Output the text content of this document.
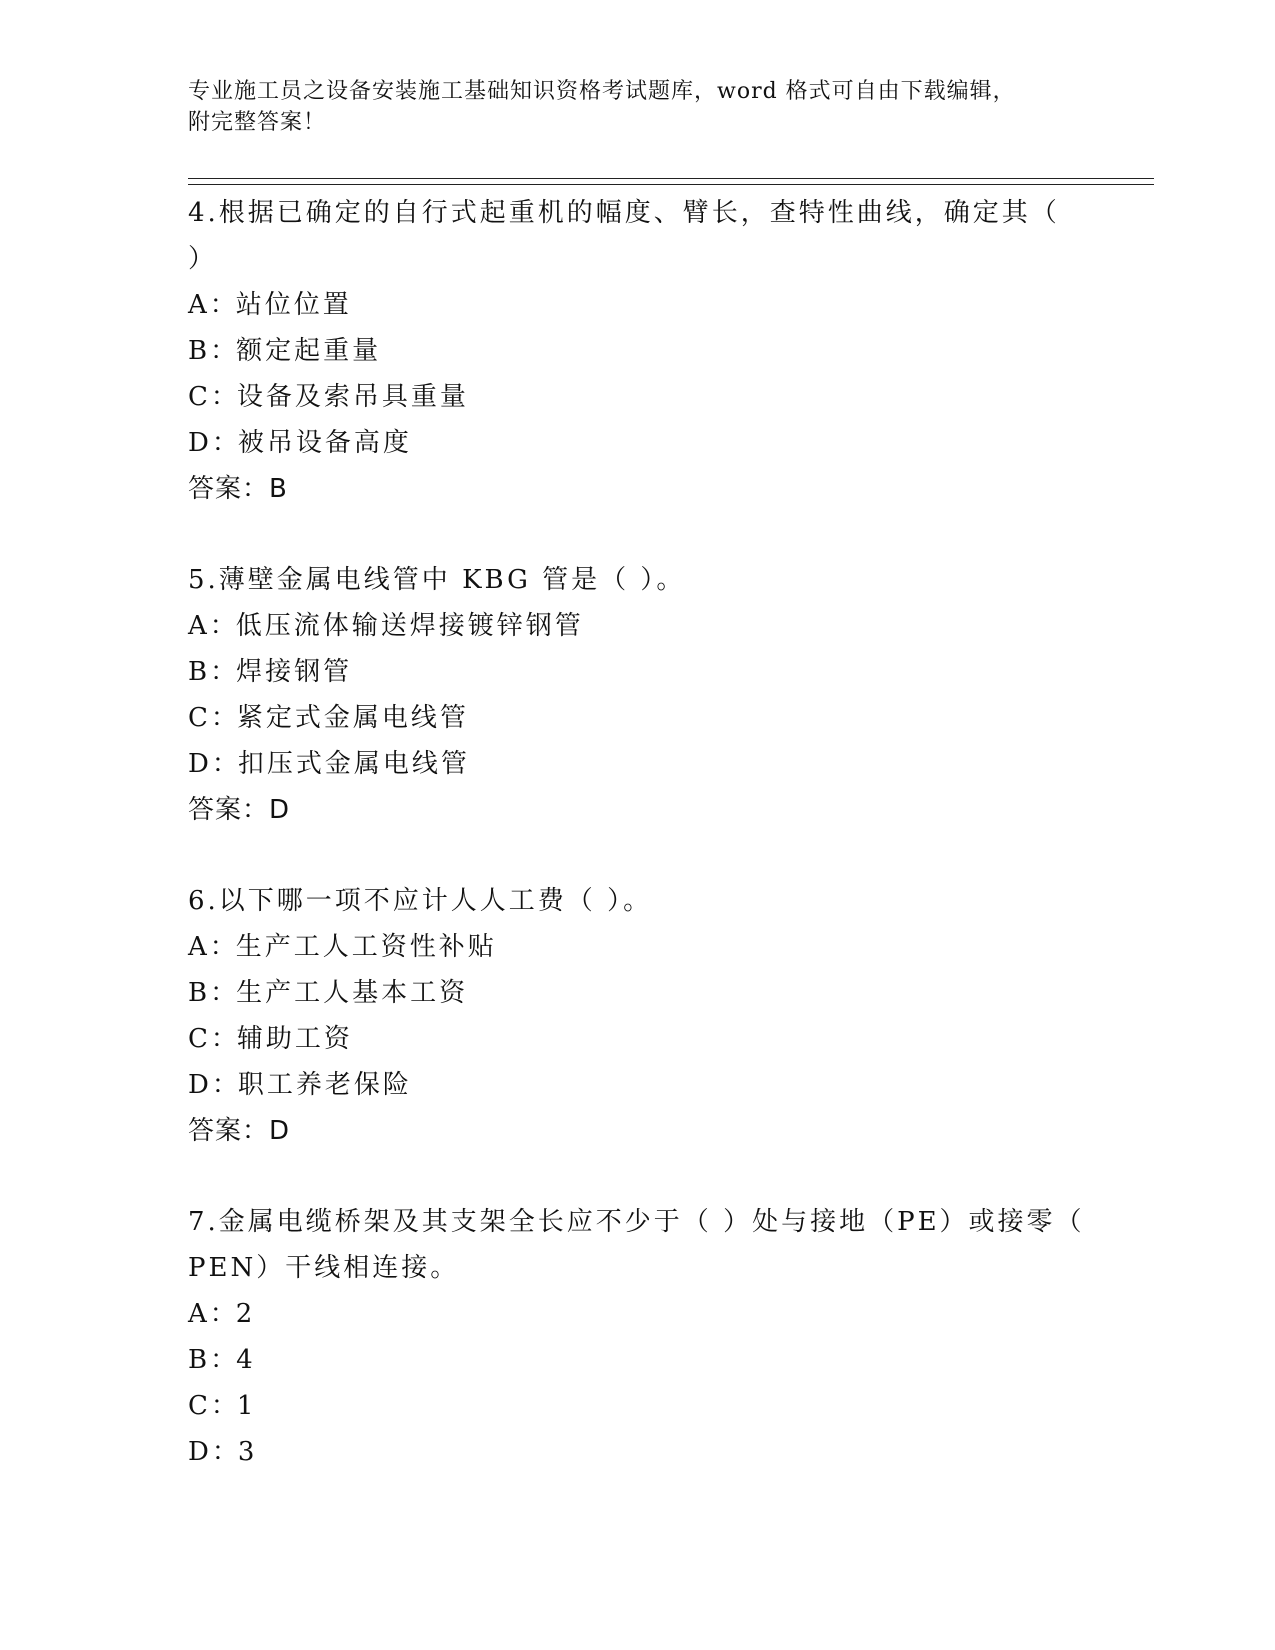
专业施工员之设备安装施工基础知识资格考试题库，word 格式可自由下载编辑，
附完整答案！
4.根据已确定的自行式起重机的幅度、臂长，查特性曲线，确定其（
）
A：站位位置
B：额定起重量
C：设备及索吊具重量
D：被吊设备高度
答案：B
5.薄壁金属电线管中 KBG 管是（ ）。
A：低压流体输送焊接镀锌钢管
B：焊接钢管
C：紧定式金属电线管
D：扣压式金属电线管
答案：D
6.以下哪一项不应计人人工费（ ）。
A：生产工人工资性补贴
B：生产工人基本工资
C：辅助工资
D：职工养老保险
答案：D
7.金属电缆桥架及其支架全长应不少于（ ）处与接地（PE）或接零（
PEN）干线相连接。
A：2
B：4
C：1
D：3
